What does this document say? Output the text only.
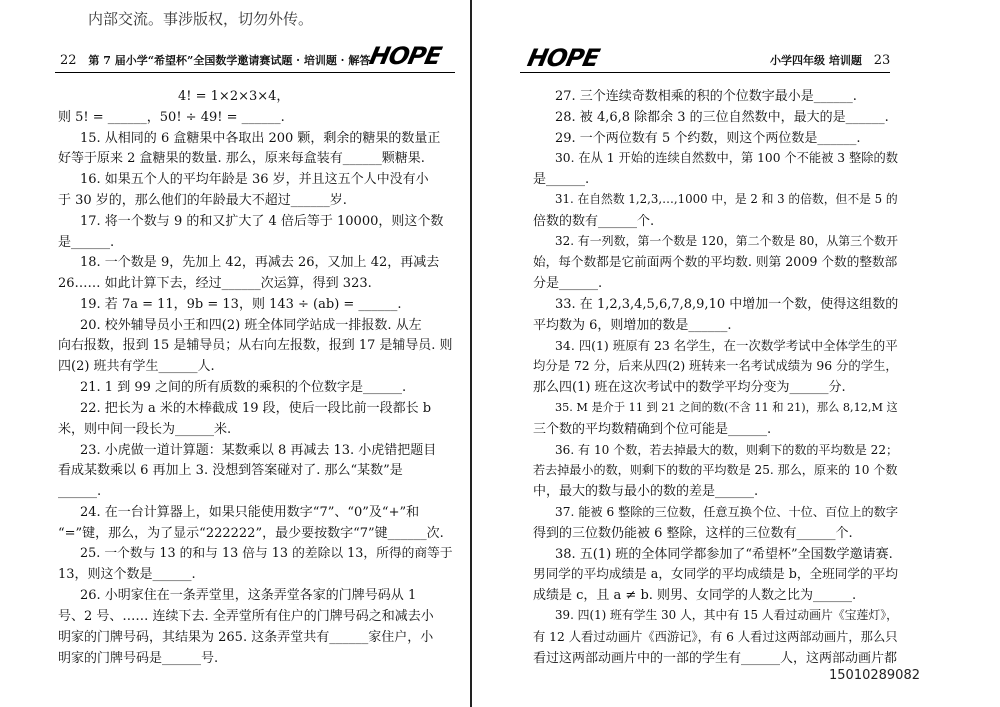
内部交流。事涉版权，切勿外传。
22 第 7 届小学“希望杯”全国数学邀请赛试题 · 培训题 · 解答
HOPE	HOPE	小学四年级 培训题 23
4! = 1×2×3×4，
则 5! = ______，50! ÷ 49! = ______.
15. 从相同的 6 盒糖果中各取出 200 颗，剩余的糖果的数量正
好等于原来 2 盒糖果的数量. 那么，原来每盒装有______颗糖果.
16. 如果五个人的平均年龄是 36 岁，并且这五个人中没有小
于 30 岁的，那么他们的年龄最大不超过______岁.
17. 将一个数与 9 的和又扩大了 4 倍后等于 10000，则这个数
是______.
18. 一个数是 9，先加上 42，再减去 26，又加上 42，再减去
26…… 如此计算下去，经过______次运算，得到 323.
19. 若 7a = 11，9b = 13，则 143 ÷ (ab) = ______.
20. 校外辅导员小王和四(2) 班全体同学站成一排报数. 从左
向右报数，报到 15 是辅导员；从右向左报数，报到 17 是辅导员. 则
四(2) 班共有学生______人.
21. 1 到 99 之间的所有质数的乘积的个位数字是______.
22. 把长为 a 米的木棒截成 19 段，使后一段比前一段都长 b
米，则中间一段长为______米.
23. 小虎做一道计算题：某数乘以 8 再减去 13. 小虎错把题目
看成某数乘以 6 再加上 3. 没想到答案碰对了. 那么“某数”是
______.
24. 在一台计算器上，如果只能使用数字“7”、“0”及“+”和
“=”键，那么，为了显示“222222”，最少要按数字“7”键______次.
25. 一个数与 13 的和与 13 倍与 13 的差除以 13，所得的商等于
13，则这个数是______.
26. 小明家住在一条弄堂里，这条弄堂各家的门牌号码从 1
号、2 号、…… 连续下去. 全弄堂所有住户的门牌号码之和减去小
明家的门牌号码，其结果为 265. 这条弄堂共有______家住户，小
明家的门牌号码是______号.
27. 三个连续奇数相乘的积的个位数字最小是______.
28. 被 4,6,8 除都余 3 的三位自然数中，最大的是______.
29. 一个两位数有 5 个约数，则这个两位数是______.
30. 在从 1 开始的连续自然数中，第 100 个不能被 3 整除的数
是______.
31. 在自然数 1,2,3,…,1000 中，是 2 和 3 的倍数，但不是 5 的
倍数的数有______个.
32. 有一列数，第一个数是 120，第二个数是 80，从第三个数开
始，每个数都是它前面两个数的平均数. 则第 2009 个数的整数部
分是______.
33. 在 1,2,3,4,5,6,7,8,9,10 中增加一个数，使得这组数的
平均数为 6，则增加的数是______.
34. 四(1) 班原有 23 名学生，在一次数学考试中全体学生的平
均分是 72 分，后来从四(2) 班转来一名考试成绩为 96 分的学生，
那么四(1) 班在这次考试中的数学平均分变为______分.
35. M 是介于 11 到 21 之间的数(不含 11 和 21)，那么 8,12,M 这
三个数的平均数精确到个位可能是______.
36. 有 10 个数，若去掉最大的数，则剩下的数的平均数是 22；
若去掉最小的数，则剩下的数的平均数是 25. 那么，原来的 10 个数
中，最大的数与最小的数的差是______.
37. 能被 6 整除的三位数，任意互换个位、十位、百位上的数字
得到的三位数仍能被 6 整除，这样的三位数有______个.
38. 五(1) 班的全体同学都参加了“希望杯”全国数学邀请赛.
男同学的平均成绩是 a，女同学的平均成绩是 b，全班同学的平均
成绩是 c，且 a ≠ b. 则男、女同学的人数之比为______.
39. 四(1) 班有学生 30 人，其中有 15 人看过动画片《宝莲灯》，
有 12 人看过动画片《西游记》，有 6 人看过这两部动画片，那么只
看过这两部动画片中的一部的学生有______人，这两部动画片都
15010289082
